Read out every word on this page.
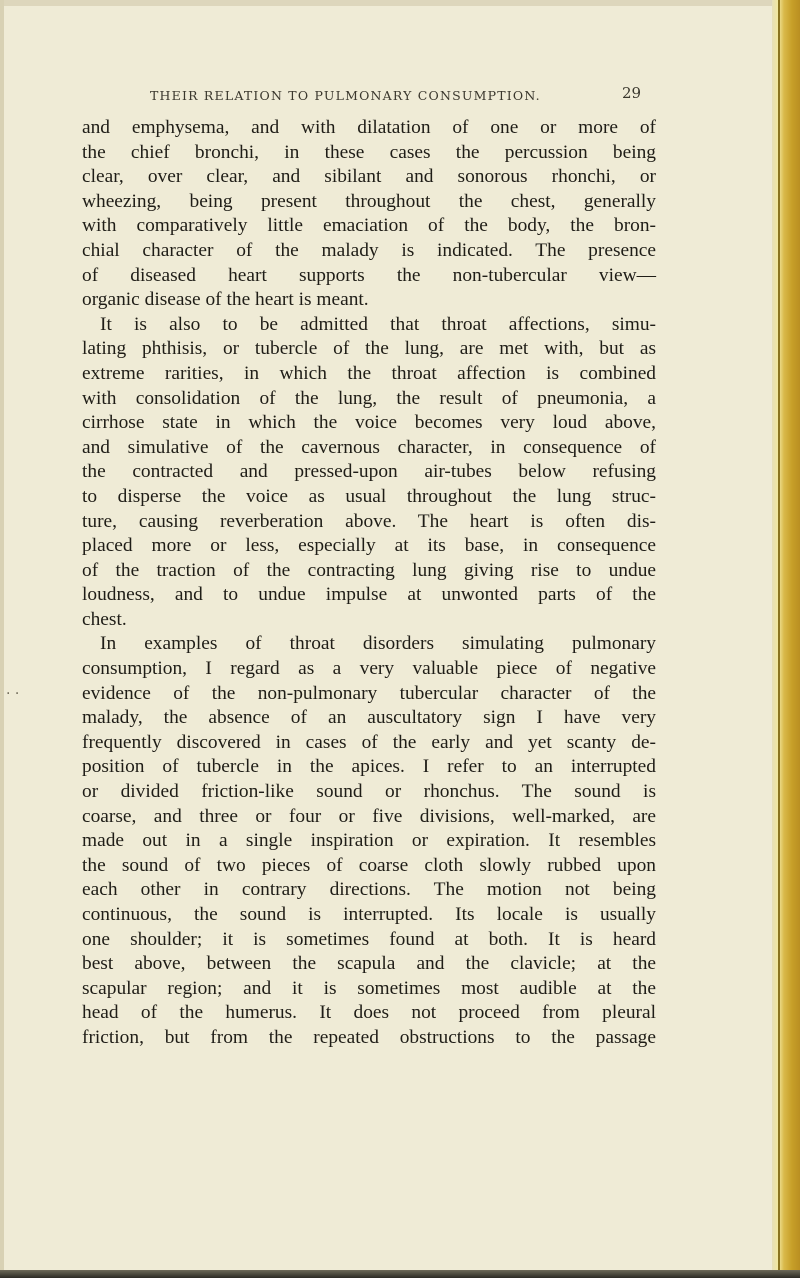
THEIR RELATION TO PULMONARY CONSUMPTION.	29
. .
and emphysema, and with dilatation of one or more of
the chief bronchi, in these cases the percussion being
clear, over clear, and sibilant and sonorous rhonchi, or
wheezing, being present throughout the chest, generally
with comparatively little emaciation of the body, the bron-
chial character of the malady is indicated. The presence
of diseased heart supports the non-tubercular view—
organic disease of the heart is meant.
It is also to be admitted that throat affections, simu-
lating phthisis, or tubercle of the lung, are met with, but as
extreme rarities, in which the throat affection is combined
with consolidation of the lung, the result of pneumonia, a
cirrhose state in which the voice becomes very loud above,
and simulative of the cavernous character, in consequence of
the contracted and pressed-upon air-tubes below refusing
to disperse the voice as usual throughout the lung struc-
ture, causing reverberation above. The heart is often dis-
placed more or less, especially at its base, in consequence
of the traction of the contracting lung giving rise to undue
loudness, and to undue impulse at unwonted parts of the
chest.
In examples of throat disorders simulating pulmonary
consumption, I regard as a very valuable piece of negative
evidence of the non-pulmonary tubercular character of the
malady, the absence of an auscultatory sign I have very
frequently discovered in cases of the early and yet scanty de-
position of tubercle in the apices. I refer to an interrupted
or divided friction-like sound or rhonchus. The sound is
coarse, and three or four or five divisions, well-marked, are
made out in a single inspiration or expiration. It resembles
the sound of two pieces of coarse cloth slowly rubbed upon
each other in contrary directions. The motion not being
continuous, the sound is interrupted. Its locale is usually
one shoulder; it is sometimes found at both. It is heard
best above, between the scapula and the clavicle; at the
scapular region; and it is sometimes most audible at the
head of the humerus. It does not proceed from pleural
friction, but from the repeated obstructions to the passage
